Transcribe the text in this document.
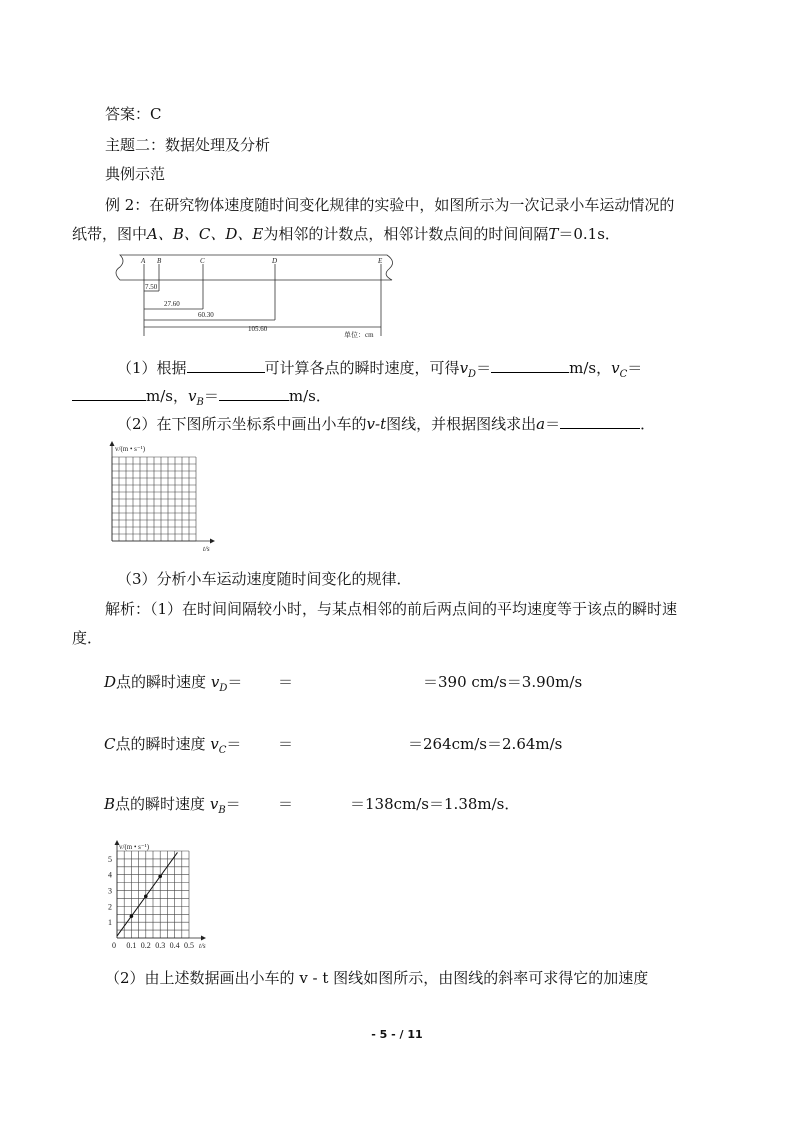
答案：C
主题二：数据处理及分析
典例示范
例 2：在研究物体速度随时间变化规律的实验中，如图所示为一次记录小车运动情况的
纸带，图中A、B、C、D、E为相邻的计数点，相邻计数点间的时间间隔T＝0.1s．
A B	C	D	E
7.50
27.60
60.30
105.60
单位：cm
（1）根据	可计算各点的瞬时速度，可得$v_D=$	m/s，$v_C=$
m/s，$v_B=$	m/s．
（2）在下图所示坐标系中画出小车的v-t图线，并根据图线求出a＝	．
v/(m • s⁻¹)
t/s
（3）分析小车运动速度随时间变化的规律．
解析：（1）在时间间隔较小时，与某点相邻的前后两点间的平均速度等于该点的瞬时速
度．
D点的瞬时速度 $v_D=$ ＝	＝390 cm/s＝3.90m/s
C点的瞬时速度 $v_C=$ ＝	＝264cm/s＝2.64m/s
B点的瞬时速度 $v_B=$ ＝	＝138cm/s＝1.38m/s．
0 0.1 0.2 0.3 0.4 0.5
1
2
3
4
5
v/(m • s⁻¹)
t/s
（2）由上述数据画出小车的 v - t 图线如图所示，由图线的斜率可求得它的加速度
- 5 - / 11
